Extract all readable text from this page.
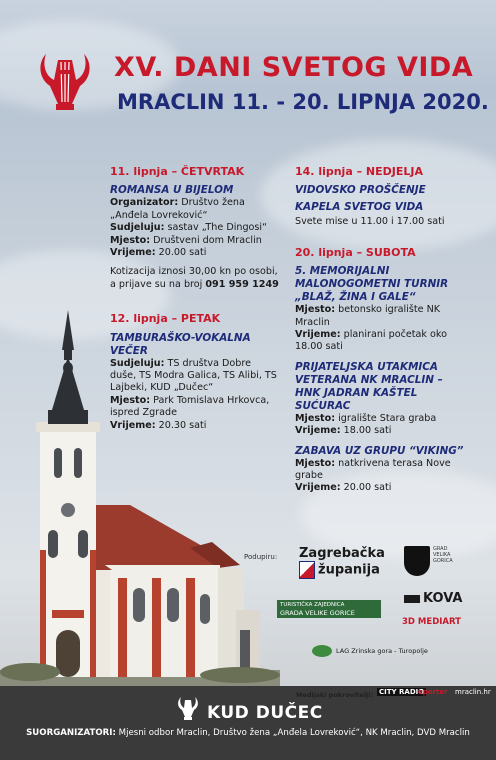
XV. DANI SVETOG VIDA
MRACLIN 11. - 20. LIPNJA 2020.
11. lipnja – ČETVRTAK
ROMANSA U BIJELOM
Organizator: Društvo žena „Anđela Lovreković“
Sudjeluju: sastav „The Dingosi“
Mjesto: Društveni dom Mraclin
Vrijeme: 20.00 sati
Kotizacija iznosi 30,00 kn po osobi, a prijave su na broj 091 959 1249
12. lipnja – PETAK
TAMBURAŠKO-VOKALNA VEČER
Sudjeluju: TS društva Dobre duše, TS Modra Galica, TS Alibi, TS Lajbeki, KUD „Dučec“
Mjesto: Park Tomislava Hrkovca, ispred Zgrade
Vrijeme: 20.30 sati
14. lipnja – NEDJELJA
VIDOVSKO PROŠČENJE
KAPELA SVETOG VIDA
Svete mise u 11.00 i 17.00 sati
20. lipnja – SUBOTA
5. MEMORIJALNI MALONOGOMETNI TURNIR „BLAŽ, ŽINA I GALE“
Mjesto: betonsko igralište NK Mraclin
Vrijeme: planirani početak oko 18.00 sati
PRIJATELJSKA UTAKMICA VETERANA NK MRACLIN – HNK JADRAN KAŠTEL SUĆURAC
Mjesto: igralište Stara graba
Vrijeme: 18.00 sati
ZABAVA UZ GRUPU “VIKING”
Mjesto: natkrivena terasa Nove grabe
Vrijeme: 20.00 sati
Podupiru: Zagrebačka
županija
GRAD VELIKA GORICA
TURISTIČKA ZAJEDNICA
GRADA VELIKE GORICE
KOVA
3D MEDIART
LAG Zrinska gora - Turopolje
Medijski pokrovitelji: CITY RADIO
eporter mraclin.hr
KUD DUČEC
SUORGANIZATORI: Mjesni odbor Mraclin, Društvo žena „Anđela Lovreković“, NK Mraclin, DVD Mraclin
